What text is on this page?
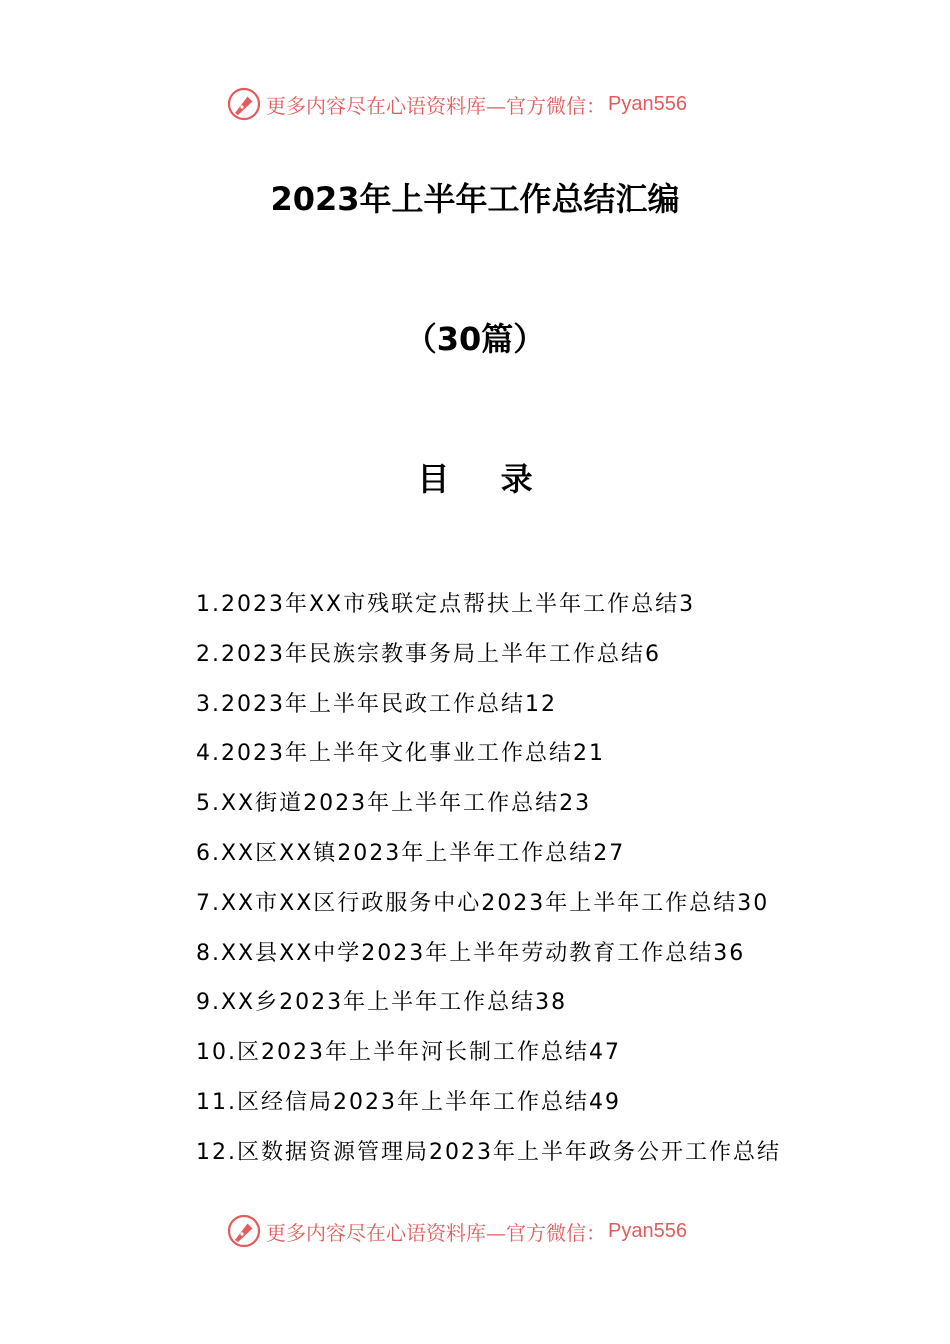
更多内容尽在心语资料库—官方微信： Pyan556
2023年上半年工作总结汇编
（30篇）
目 录
1.2023年XX市残联定点帮扶上半年工作总结3
2.2023年民族宗教事务局上半年工作总结6
3.2023年上半年民政工作总结12
4.2023年上半年文化事业工作总结21
5.XX街道2023年上半年工作总结23
6.XX区XX镇2023年上半年工作总结27
7.XX市XX区行政服务中心2023年上半年工作总结30
8.XX县XX中学2023年上半年劳动教育工作总结36
9.XX乡2023年上半年工作总结38
10.区2023年上半年河长制工作总结47
11.区经信局2023年上半年工作总结49
12.区数据资源管理局2023年上半年政务公开工作总结
更多内容尽在心语资料库—官方微信： Pyan556
